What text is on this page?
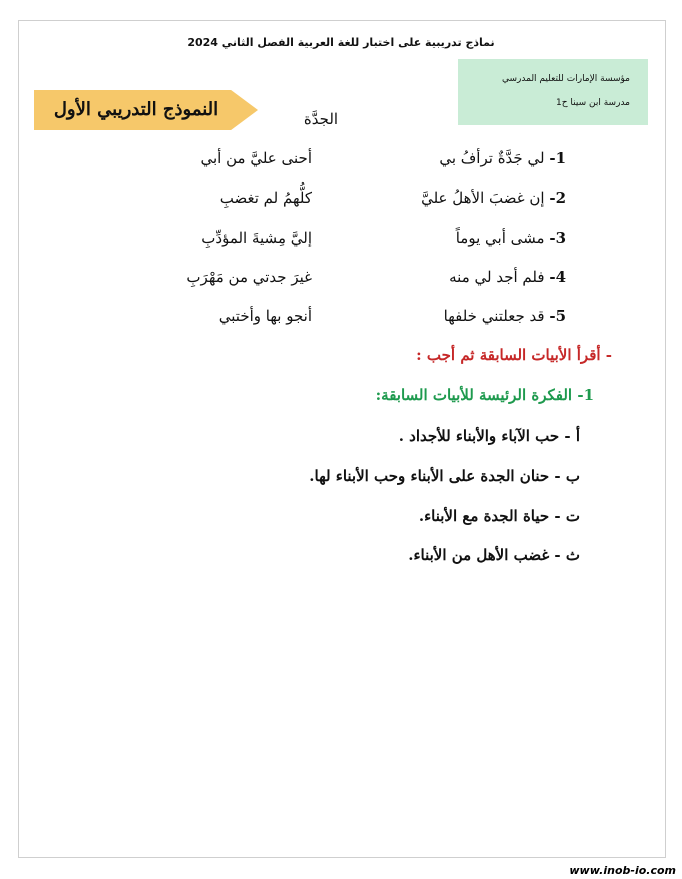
نماذج تدريبية على اختبار للغة العربية الفصل الثاني 2024
مؤسسة الإمارات للتعليم المدرسي
مدرسة ابن سينا ح1
النموذج التدريبي الأول	الجدَّة
1- لي جَدَّةٌ ترأفُ بي
أحنى عليَّ من أبي
2- إن غضبَ الأهلُ عليَّ
كلُّهمُ لم تغضبِ
3- مشى أبي يوماً
إليَّ مِشيةَ المؤدِّبِ
4- فلم أجد لي منه
غيرَ جدتي من مَهْرَبِ
5- قد جعلتني خلفها
أنجو بها وأختبي
- أقرأ الأبيات السابقة ثم أجب :
1- الفكرة الرئيسة للأبيات السابقة:
أ - حب الآباء والأبناء للأجداد .
ب - حنان الجدة على الأبناء وحب الأبناء لها.
ت - حياة الجدة مع الأبناء.
ث - غضب الأهل من الأبناء.
www.inob-io.com
